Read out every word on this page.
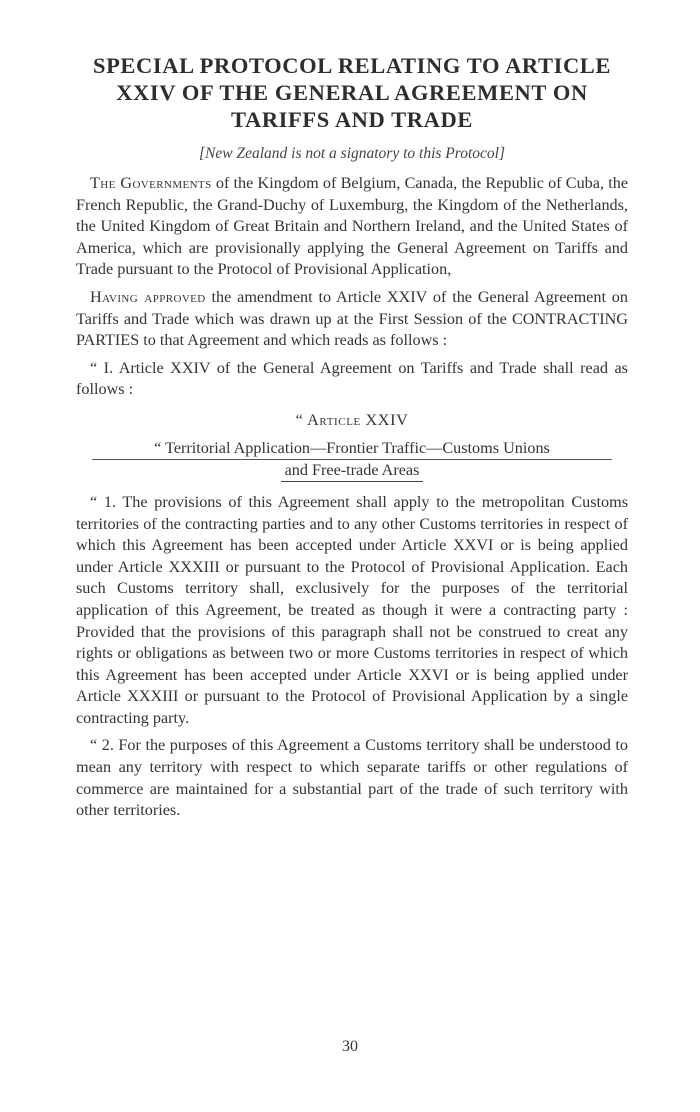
SPECIAL PROTOCOL RELATING TO ARTICLE
XXIV OF THE GENERAL AGREEMENT ON
TARIFFS AND TRADE
[New Zealand is not a signatory to this Protocol]

The Governments of the Kingdom of Belgium, Canada, the Republic of Cuba, the French Republic, the Grand-Duchy of Luxemburg, the Kingdom of the Netherlands, the United Kingdom of Great Britain and Northern Ireland, and the United States of America, which are provisionally applying the General Agreement on Tariffs and Trade pursuant to the Protocol of Provisional Application,

Having approved the amendment to Article XXIV of the General Agreement on Tariffs and Trade which was drawn up at the First Session of the CONTRACTING PARTIES to that Agreement and which reads as follows :

“ I. Article XXIV of the General Agreement on Tariffs and Trade shall read as follows :

“ Article XXIV
“ Territorial Application—Frontier Traffic—Customs Unions
and Free-trade Areas

“ 1. The provisions of this Agreement shall apply to the metropolitan Customs territories of the contracting parties and to any other Customs territories in respect of which this Agreement has been accepted under Article XXVI or is being applied under Article XXXIII or pursuant to the Protocol of Provisional Application. Each such Customs territory shall, exclusively for the purposes of the territorial application of this Agreement, be treated as though it were a contracting party : Provided that the provisions of this paragraph shall not be construed to creat any rights or obligations as between two or more Customs territories in respect of which this Agreement has been accepted under Article XXVI or is being applied under Article XXXIII or pursuant to the Protocol of Provisional Application by a single contracting party.

“ 2. For the purposes of this Agreement a Customs territory shall be understood to mean any territory with respect to which separate tariffs or other regulations of commerce are maintained for a substantial part of the trade of such territory with other territories.

30
